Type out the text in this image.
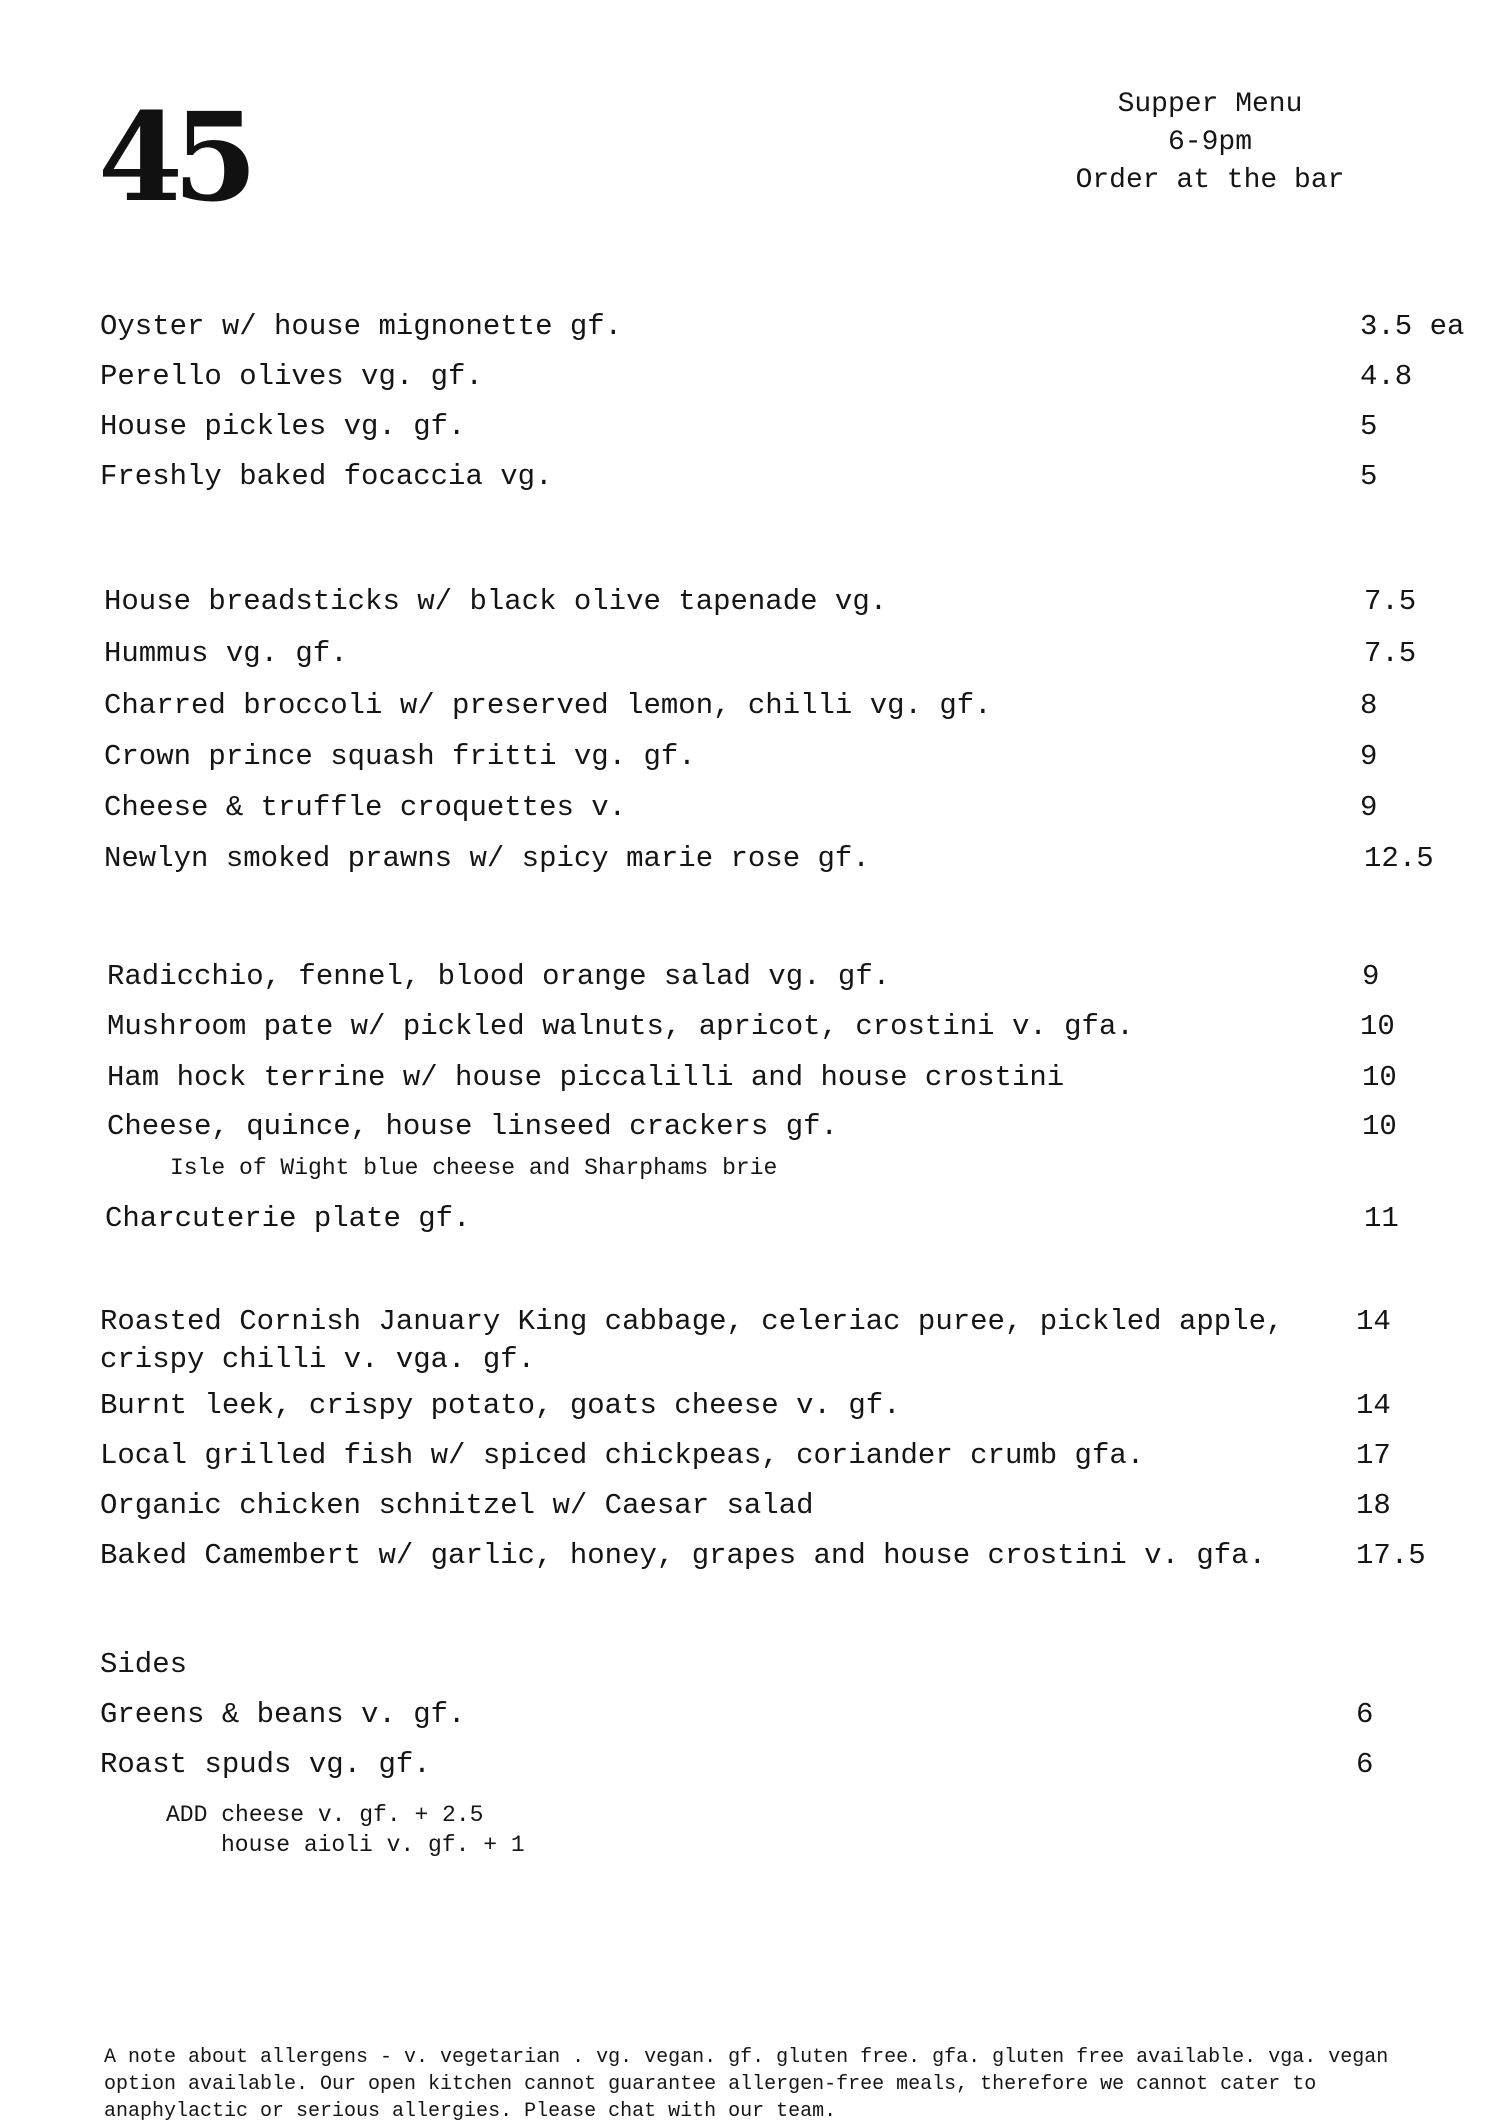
45	Supper Menu
6-9pm
Order at the bar
Oyster w/ house mignonette gf.	3.5 ea
Perello olives vg. gf.	4.8
House pickles vg. gf.	5
Freshly baked focaccia vg.	5
House breadsticks w/ black olive tapenade vg.	7.5
Hummus vg. gf.	7.5
Charred broccoli w/ preserved lemon, chilli vg. gf.	8
Crown prince squash fritti vg. gf.	9
Cheese & truffle croquettes v.	9
Newlyn smoked prawns w/ spicy marie rose gf.	12.5
Radicchio, fennel, blood orange salad vg. gf.	9
Mushroom pate w/ pickled walnuts, apricot, crostini v. gfa.	10
Ham hock terrine w/ house piccalilli and house crostini	10
Cheese, quince, house linseed crackers gf.	10
Isle of Wight blue cheese and Sharphams brie
Charcuterie plate gf.	11
Roasted Cornish January King cabbage, celeriac puree, pickled apple,
crispy chilli v. vga. gf.
14
Burnt leek, crispy potato, goats cheese v. gf.	14
Local grilled fish w/ spiced chickpeas, coriander crumb gfa.	17
Organic chicken schnitzel w/ Caesar salad	18
Baked Camembert w/ garlic, honey, grapes and house crostini v. gfa.	17.5
Sides
Greens & beans v. gf.	6
Roast spuds vg. gf.	6
ADD cheese v. gf. + 2.5
house aioli v. gf. + 1
A note about allergens - v. vegetarian . vg. vegan. gf. gluten free. gfa. gluten free available. vga. vegan
option available. Our open kitchen cannot guarantee allergen-free meals, therefore we cannot cater to
anaphylactic or serious allergies. Please chat with our team.
